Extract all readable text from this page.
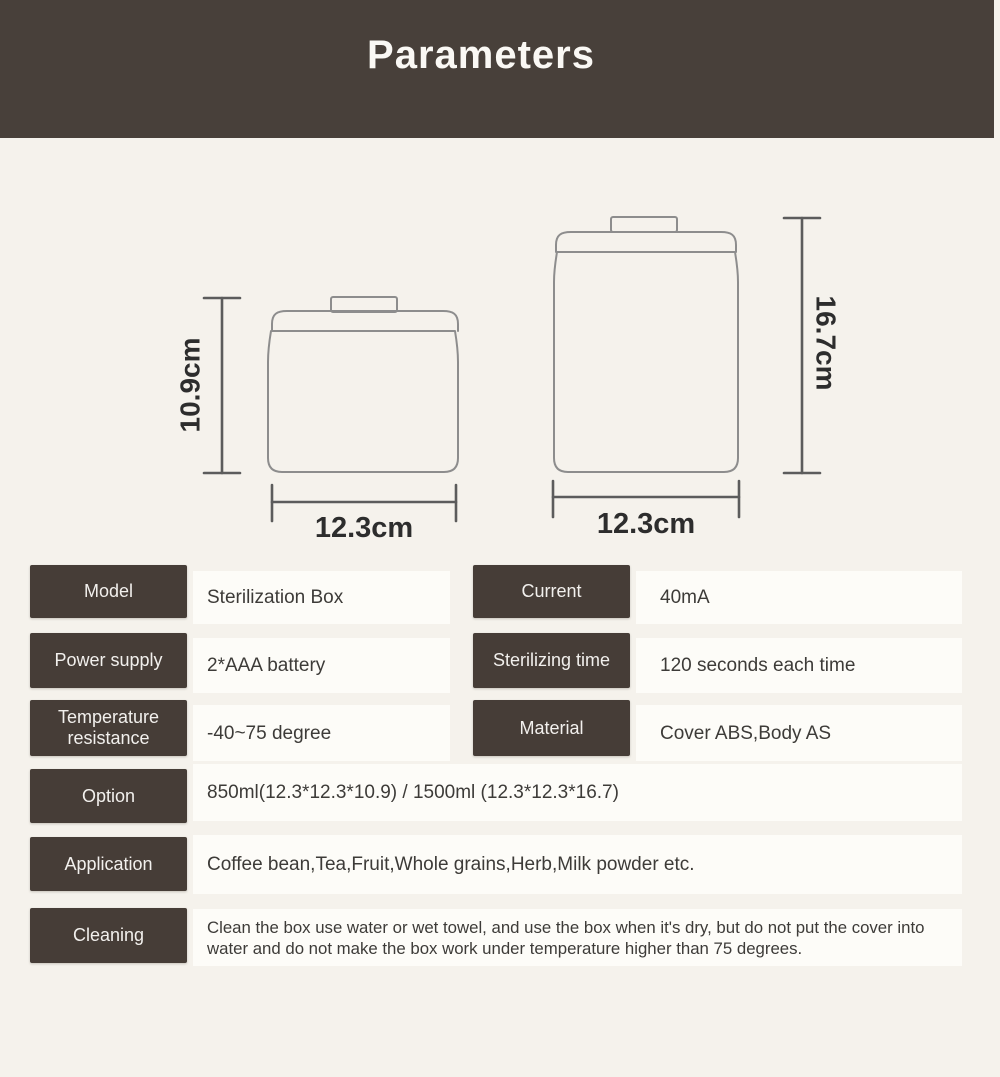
Parameters
10.9cm	16.7cm
12.3cm	12.3cm
Sterilization Box
Model
2*AAA battery
Power supply
-40~75 degree
Temperature resistance
40mA
Current
120 seconds each time
Sterilizing time
Cover ABS,Body AS
Material
850ml(12.3*12.3*10.9) / 1500ml (12.3*12.3*16.7)
Option
Coffee bean,Tea,Fruit,Whole grains,Herb,Milk powder etc.
Application
Clean the box use water or wet towel, and use the box when it's dry, but do not put the cover into water and do not make the box work under temperature higher than 75 degrees.
Cleaning
